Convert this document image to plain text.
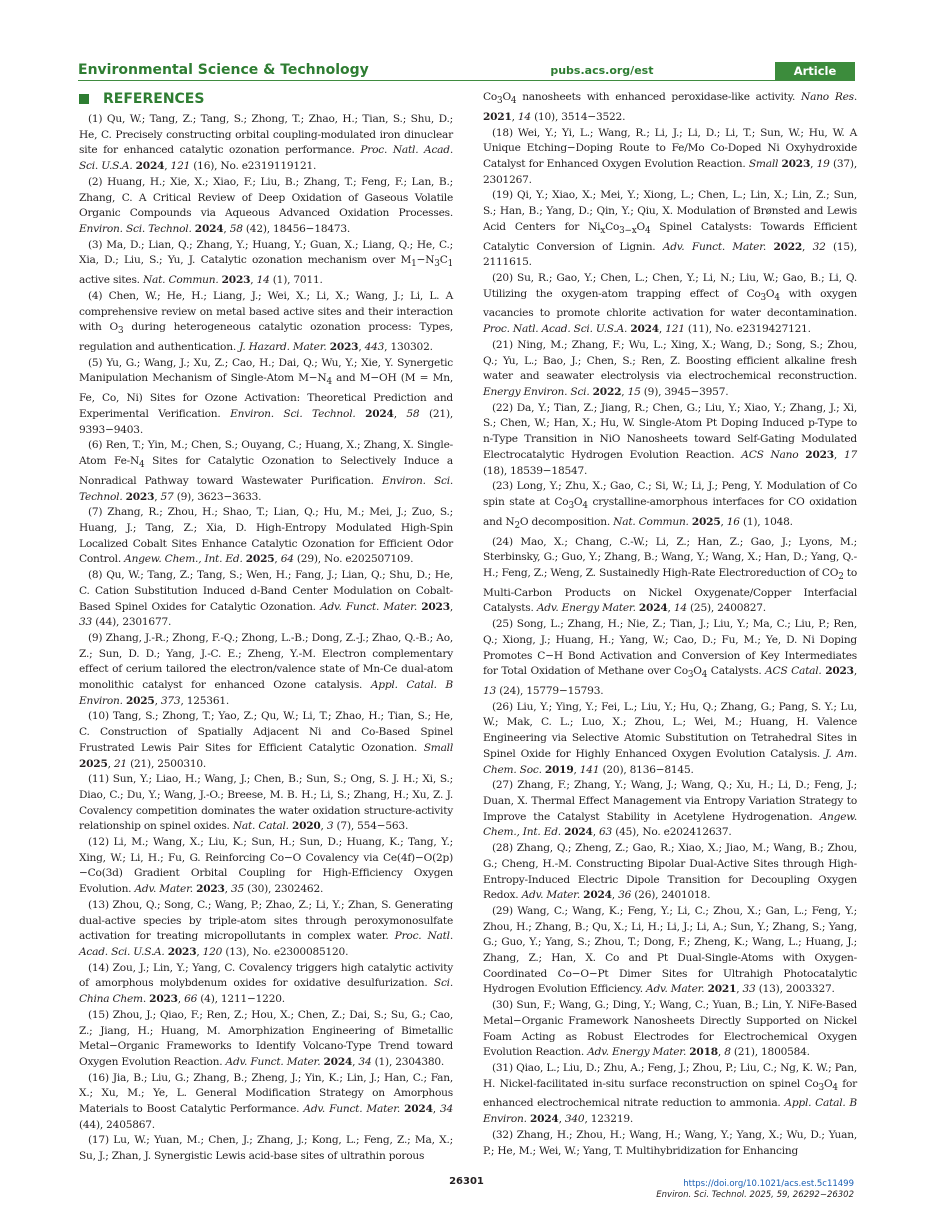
Environmental Science & Technology	pubs.acs.org/est	Article
REFERENCES

(1) Qu, W.; Tang, Z.; Tang, S.; Zhong, T.; Zhao, H.; Tian, S.; Shu, D.; He, C. Precisely constructing orbital coupling-modulated iron dinuclear site for enhanced catalytic ozonation performance. Proc. Natl. Acad. Sci. U.S.A. 2024, 121 (16), No. e2319119121.

(2) Huang, H.; Xie, X.; Xiao, F.; Liu, B.; Zhang, T.; Feng, F.; Lan, B.; Zhang, C. A Critical Review of Deep Oxidation of Gaseous Volatile Organic Compounds via Aqueous Advanced Oxidation Processes. Environ. Sci. Technol. 2024, 58 (42), 18456−18473.

(3) Ma, D.; Lian, Q.; Zhang, Y.; Huang, Y.; Guan, X.; Liang, Q.; He, C.; Xia, D.; Liu, S.; Yu, J. Catalytic ozonation mechanism over $M_1-N_3C_1$ active sites. Nat. Commun. 2023, 14 (1), 7011.

(4) Chen, W.; He, H.; Liang, J.; Wei, X.; Li, X.; Wang, J.; Li, L. A comprehensive review on metal based active sites and their interaction with $O_3$ during heterogeneous catalytic ozonation process: Types, regulation and authentication. J. Hazard. Mater. 2023, 443, 130302.

(5) Yu, G.; Wang, J.; Xu, Z.; Cao, H.; Dai, Q.; Wu, Y.; Xie, Y. Synergetic Manipulation Mechanism of Single-Atom $M-N_4$ and M−OH (M = Mn, Fe, Co, Ni) Sites for Ozone Activation: Theoretical Prediction and Experimental Verification. Environ. Sci. Technol. 2024, 58 (21), 9393−9403.

(6) Ren, T.; Yin, M.; Chen, S.; Ouyang, C.; Huang, X.; Zhang, X. Single-Atom $Fe-N_4$ Sites for Catalytic Ozonation to Selectively Induce a Nonradical Pathway toward Wastewater Purification. Environ. Sci. Technol. 2023, 57 (9), 3623−3633.

(7) Zhang, R.; Zhou, H.; Shao, T.; Lian, Q.; Hu, M.; Mei, J.; Zuo, S.; Huang, J.; Tang, Z.; Xia, D. High-Entropy Modulated High-Spin Localized Cobalt Sites Enhance Catalytic Ozonation for Efficient Odor Control. Angew. Chem., Int. Ed. 2025, 64 (29), No. e202507109.

(8) Qu, W.; Tang, Z.; Tang, S.; Wen, H.; Fang, J.; Lian, Q.; Shu, D.; He, C. Cation Substitution Induced d-Band Center Modulation on Cobalt-Based Spinel Oxides for Catalytic Ozonation. Adv. Funct. Mater. 2023, 33 (44), 2301677.

(9) Zhang, J.-R.; Zhong, F.-Q.; Zhong, L.-B.; Dong, Z.-J.; Zhao, Q.-B.; Ao, Z.; Sun, D. D.; Yang, J.-C. E.; Zheng, Y.-M. Electron complementary effect of cerium tailored the electron/valence state of Mn-Ce dual-atom monolithic catalyst for enhanced Ozone catalysis. Appl. Catal. B Environ. 2025, 373, 125361.

(10) Tang, S.; Zhong, T.; Yao, Z.; Qu, W.; Li, T.; Zhao, H.; Tian, S.; He, C. Construction of Spatially Adjacent Ni and Co-Based Spinel Frustrated Lewis Pair Sites for Efficient Catalytic Ozonation. Small 2025, 21 (21), 2500310.

(11) Sun, Y.; Liao, H.; Wang, J.; Chen, B.; Sun, S.; Ong, S. J. H.; Xi, S.; Diao, C.; Du, Y.; Wang, J.-O.; Breese, M. B. H.; Li, S.; Zhang, H.; Xu, Z. J. Covalency competition dominates the water oxidation structure-activity relationship on spinel oxides. Nat. Catal. 2020, 3 (7), 554−563.

(12) Li, M.; Wang, X.; Liu, K.; Sun, H.; Sun, D.; Huang, K.; Tang, Y.; Xing, W.; Li, H.; Fu, G. Reinforcing Co−O Covalency via Ce(4f)−O(2p)−Co(3d) Gradient Orbital Coupling for High-Efficiency Oxygen Evolution. Adv. Mater. 2023, 35 (30), 2302462.

(13) Zhou, Q.; Song, C.; Wang, P.; Zhao, Z.; Li, Y.; Zhan, S. Generating dual-active species by triple-atom sites through peroxymonosulfate activation for treating micropollutants in complex water. Proc. Natl. Acad. Sci. U.S.A. 2023, 120 (13), No. e2300085120.

(14) Zou, J.; Lin, Y.; Yang, C. Covalency triggers high catalytic activity of amorphous molybdenum oxides for oxidative desulfurization. Sci. China Chem. 2023, 66 (4), 1211−1220.

(15) Zhou, J.; Qiao, F.; Ren, Z.; Hou, X.; Chen, Z.; Dai, S.; Su, G.; Cao, Z.; Jiang, H.; Huang, M. Amorphization Engineering of Bimetallic Metal−Organic Frameworks to Identify Volcano-Type Trend toward Oxygen Evolution Reaction. Adv. Funct. Mater. 2024, 34 (1), 2304380.

(16) Jia, B.; Liu, G.; Zhang, B.; Zheng, J.; Yin, K.; Lin, J.; Han, C.; Fan, X.; Xu, M.; Ye, L. General Modification Strategy on Amorphous Materials to Boost Catalytic Performance. Adv. Funct. Mater. 2024, 34 (44), 2405867.

(17) Lu, W.; Yuan, M.; Chen, J.; Zhang, J.; Kong, L.; Feng, Z.; Ma, X.; Su, J.; Zhan, J. Synergistic Lewis acid-base sites of ultrathin porous

$Co_3O_4$ nanosheets with enhanced peroxidase-like activity. Nano Res. 2021, 14 (10), 3514−3522.

(18) Wei, Y.; Yi, L.; Wang, R.; Li, J.; Li, D.; Li, T.; Sun, W.; Hu, W. A Unique Etching−Doping Route to Fe/Mo Co-Doped Ni Oxyhydroxide Catalyst for Enhanced Oxygen Evolution Reaction. Small 2023, 19 (37), 2301267.

(19) Qi, Y.; Xiao, X.; Mei, Y.; Xiong, L.; Chen, L.; Lin, X.; Lin, Z.; Sun, S.; Han, B.; Yang, D.; Qin, Y.; Qiu, X. Modulation of Brønsted and Lewis Acid Centers for $Ni_xCo_{3-x}O_4$ Spinel Catalysts: Towards Efficient Catalytic Conversion of Lignin. Adv. Funct. Mater. 2022, 32 (15), 2111615.

(20) Su, R.; Gao, Y.; Chen, L.; Chen, Y.; Li, N.; Liu, W.; Gao, B.; Li, Q. Utilizing the oxygen-atom trapping effect of $Co_3O_4$ with oxygen vacancies to promote chlorite activation for water decontamination. Proc. Natl. Acad. Sci. U.S.A. 2024, 121 (11), No. e2319427121.

(21) Ning, M.; Zhang, F.; Wu, L.; Xing, X.; Wang, D.; Song, S.; Zhou, Q.; Yu, L.; Bao, J.; Chen, S.; Ren, Z. Boosting efficient alkaline fresh water and seawater electrolysis via electrochemical reconstruction. Energy Environ. Sci. 2022, 15 (9), 3945−3957.

(22) Da, Y.; Tian, Z.; Jiang, R.; Chen, G.; Liu, Y.; Xiao, Y.; Zhang, J.; Xi, S.; Chen, W.; Han, X.; Hu, W. Single-Atom Pt Doping Induced p-Type to n-Type Transition in NiO Nanosheets toward Self-Gating Modulated Electrocatalytic Hydrogen Evolution Reaction. ACS Nano 2023, 17 (18), 18539−18547.

(23) Long, Y.; Zhu, X.; Gao, C.; Si, W.; Li, J.; Peng, Y. Modulation of Co spin state at $Co_3O_4$ crystalline-amorphous interfaces for CO oxidation and $N_2O$ decomposition. Nat. Commun. 2025, 16 (1), 1048.

(24) Mao, X.; Chang, C.-W.; Li, Z.; Han, Z.; Gao, J.; Lyons, M.; Sterbinsky, G.; Guo, Y.; Zhang, B.; Wang, Y.; Wang, X.; Han, D.; Yang, Q.-H.; Feng, Z.; Weng, Z. Sustainedly High-Rate Electroreduction of $CO_2$ to Multi-Carbon Products on Nickel Oxygenate/Copper Interfacial Catalysts. Adv. Energy Mater. 2024, 14 (25), 2400827.

(25) Song, L.; Zhang, H.; Nie, Z.; Tian, J.; Liu, Y.; Ma, C.; Liu, P.; Ren, Q.; Xiong, J.; Huang, H.; Yang, W.; Cao, D.; Fu, M.; Ye, D. Ni Doping Promotes C−H Bond Activation and Conversion of Key Intermediates for Total Oxidation of Methane over $Co_3O_4$ Catalysts. ACS Catal. 2023, 13 (24), 15779−15793.

(26) Liu, Y.; Ying, Y.; Fei, L.; Liu, Y.; Hu, Q.; Zhang, G.; Pang, S. Y.; Lu, W.; Mak, C. L.; Luo, X.; Zhou, L.; Wei, M.; Huang, H. Valence Engineering via Selective Atomic Substitution on Tetrahedral Sites in Spinel Oxide for Highly Enhanced Oxygen Evolution Catalysis. J. Am. Chem. Soc. 2019, 141 (20), 8136−8145.

(27) Zhang, F.; Zhang, Y.; Wang, J.; Wang, Q.; Xu, H.; Li, D.; Feng, J.; Duan, X. Thermal Effect Management via Entropy Variation Strategy to Improve the Catalyst Stability in Acetylene Hydrogenation. Angew. Chem., Int. Ed. 2024, 63 (45), No. e202412637.

(28) Zhang, Q.; Zheng, Z.; Gao, R.; Xiao, X.; Jiao, M.; Wang, B.; Zhou, G.; Cheng, H.-M. Constructing Bipolar Dual-Active Sites through High-Entropy-Induced Electric Dipole Transition for Decoupling Oxygen Redox. Adv. Mater. 2024, 36 (26), 2401018.

(29) Wang, C.; Wang, K.; Feng, Y.; Li, C.; Zhou, X.; Gan, L.; Feng, Y.; Zhou, H.; Zhang, B.; Qu, X.; Li, H.; Li, J.; Li, A.; Sun, Y.; Zhang, S.; Yang, G.; Guo, Y.; Yang, S.; Zhou, T.; Dong, F.; Zheng, K.; Wang, L.; Huang, J.; Zhang, Z.; Han, X. Co and Pt Dual-Single-Atoms with Oxygen-Coordinated Co−O−Pt Dimer Sites for Ultrahigh Photocatalytic Hydrogen Evolution Efficiency. Adv. Mater. 2021, 33 (13), 2003327.

(30) Sun, F.; Wang, G.; Ding, Y.; Wang, C.; Yuan, B.; Lin, Y. NiFe-Based Metal−Organic Framework Nanosheets Directly Supported on Nickel Foam Acting as Robust Electrodes for Electrochemical Oxygen Evolution Reaction. Adv. Energy Mater. 2018, 8 (21), 1800584.

(31) Qiao, L.; Liu, D.; Zhu, A.; Feng, J.; Zhou, P.; Liu, C.; Ng, K. W.; Pan, H. Nickel-facilitated in-situ surface reconstruction on spinel $Co_3O_4$ for enhanced electrochemical nitrate reduction to ammonia. Appl. Catal. B Environ. 2024, 340, 123219.

(32) Zhang, H.; Zhou, H.; Wang, H.; Wang, Y.; Yang, X.; Wu, D.; Yuan, P.; He, M.; Wei, W.; Yang, T. Multihybridization for Enhancing

26301	https://doi.org/10.1021/acs.est.5c11499
Environ. Sci. Technol. 2025, 59, 26292−26302
